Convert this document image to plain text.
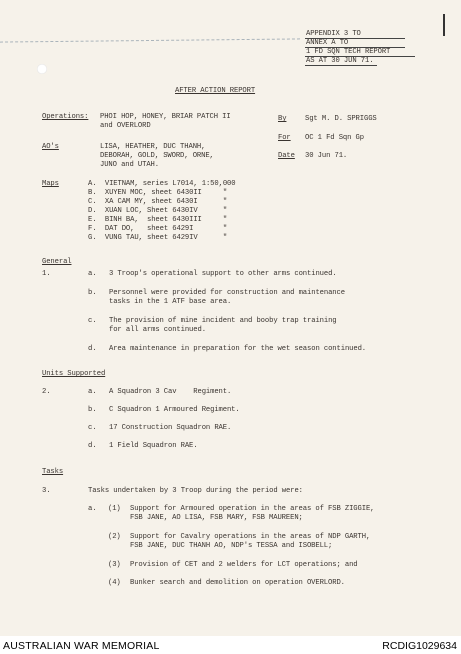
APPENDIX 3 TO
ANNEX A TO
1 FD SQN TECH REPORT
AS AT 30 JUN 71.
AFTER ACTION REPORT
Operations: PHOI HOP, HONEY, BRIAR PATCH II
and OVERLORD
By	Sgt M. D. SPRIGGS
AO's	LISA, HEATHER, DUC THANH,
DEBORAH, GOLD, SWORD, ORNE,
JUNO and UTAH.
For OC 1 Fd Sqn Gp
Date 30 Jun 71.
Maps	A.  VIETNAM, series L7014, 1:50,000
B.  XUYEN MOC, sheet 6430II     "
C.  XA CAM MY, sheet 6430I      "
D.  XUAN LOC, Sheet 6430IV      "
E.  BINH BA,  sheet 6430III     "
F.  DAT DO,   sheet 6429I       "
G.  VUNG TAU, sheet 6429IV      "
General
1.	a. 3 Troop's operational support to other arms continued.
b. Personnel were provided for construction and maintenance
tasks in the 1 ATF base area.
c. The provision of mine incident and booby trap training
for all arms continued.
d. Area maintenance in preparation for the wet season continued.
Units Supported
2.	a. A Squadron 3 Cav    Regiment.
b. C Squadron 1 Armoured Regiment.
c. 17 Construction Squadron RAE.
d. 1 Field Squadron RAE.
Tasks
3.	Tasks undertaken by 3 Troop during the period were:
a. (1) Support for Armoured operation in the areas of FSB ZIGGIE,
FSB JANE, AO LISA, FSB MARY, FSB MAUREEN;
(2) Support for Cavalry operations in the areas of NDP GARTH,
FSB JANE, DUC THANH AO, NDP's TESSA and ISOBELL;
(3) Provision of CET and 2 welders for LCT operations; and
(4) Bunker search and demolition on operation OVERLORD.
AUSTRALIAN WAR MEMORIAL	RCDIG1029634
